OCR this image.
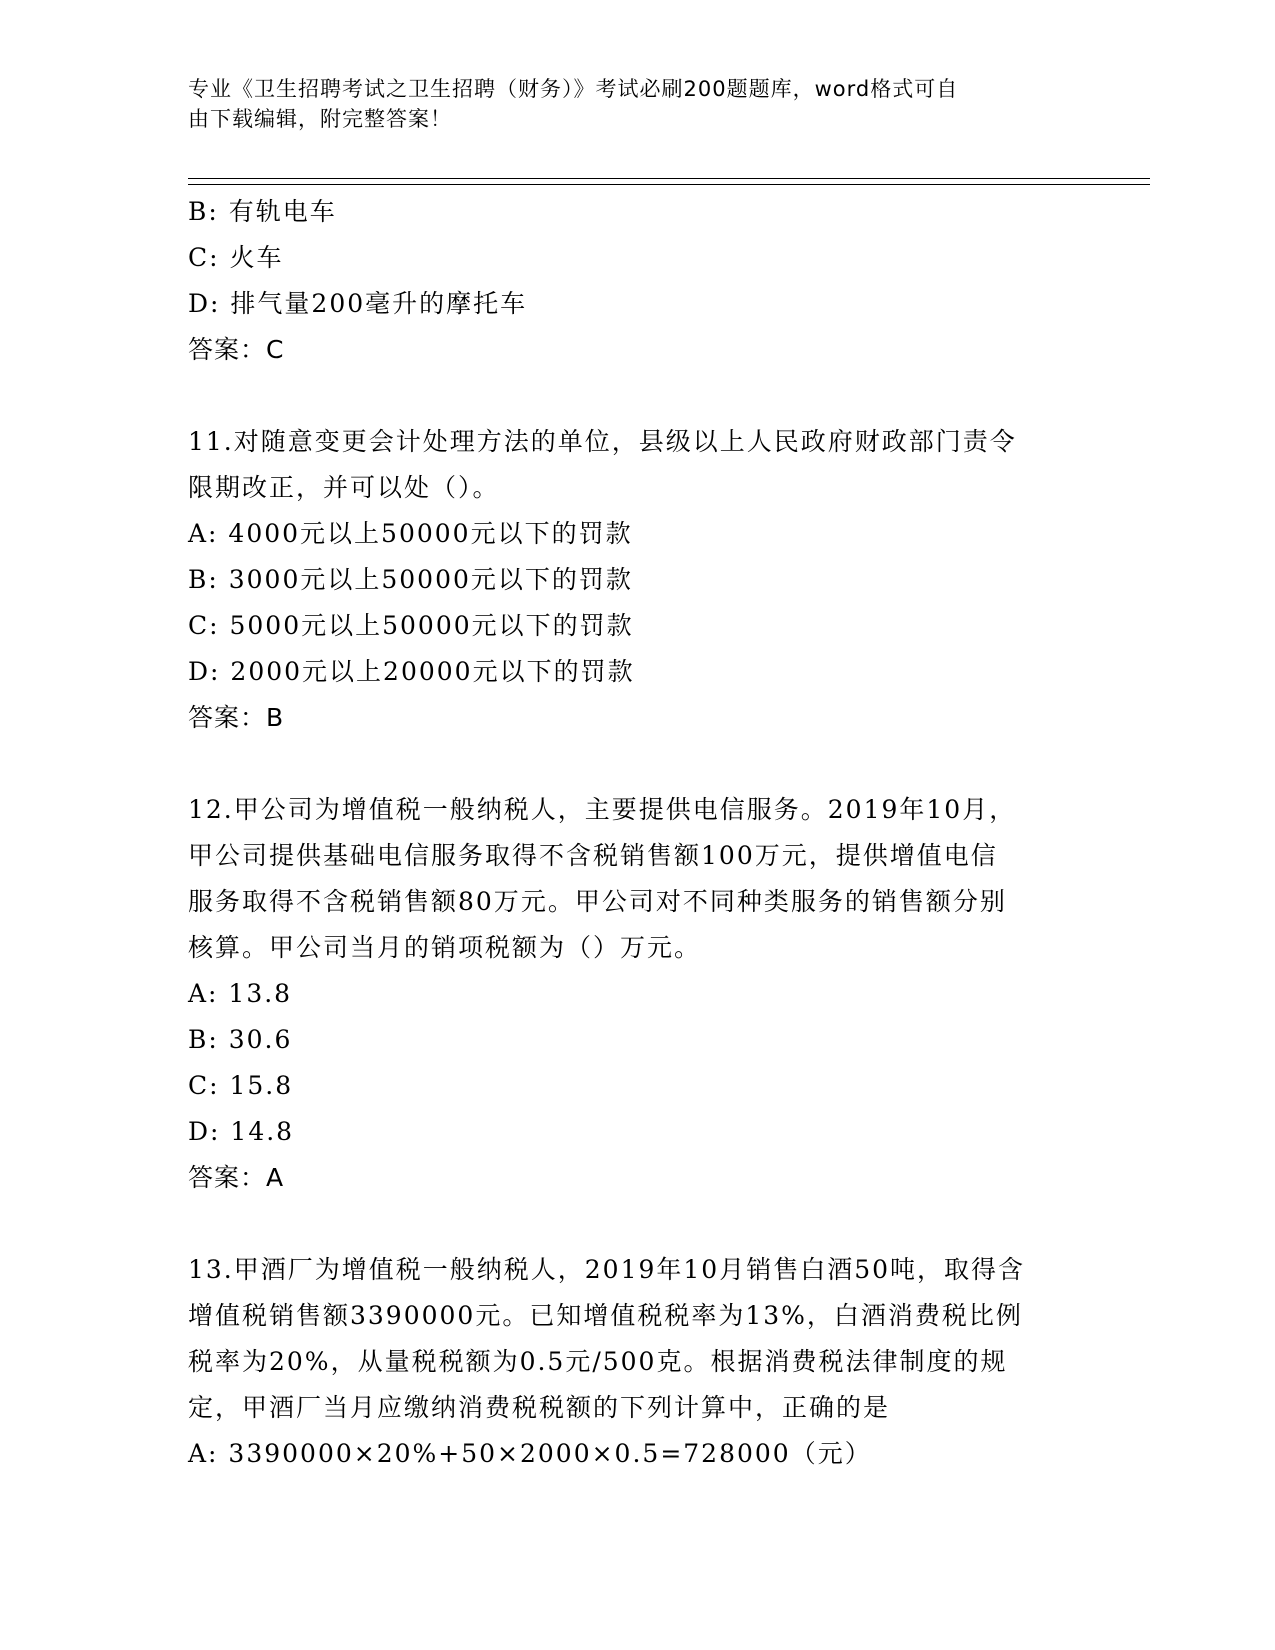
专业《卫生招聘考试之卫生招聘（财务）》考试必刷200题题库，word格式可自
由下载编辑，附完整答案！
B: 有轨电车
C: 火车
D: 排气量200毫升的摩托车
答案：C
11.对随意变更会计处理方法的单位，县级以上人民政府财政部门责令
限期改正，并可以处（）。
A: 4000元以上50000元以下的罚款
B: 3000元以上50000元以下的罚款
C: 5000元以上50000元以下的罚款
D: 2000元以上20000元以下的罚款
答案：B
12.甲公司为增值税一般纳税人，主要提供电信服务。2019年10月，
甲公司提供基础电信服务取得不含税销售额100万元，提供增值电信
服务取得不含税销售额80万元。甲公司对不同种类服务的销售额分别
核算。甲公司当月的销项税额为（）万元。
A: 13.8
B: 30.6
C: 15.8
D: 14.8
答案：A
13.甲酒厂为增值税一般纳税人，2019年10月销售白酒50吨，取得含
增值税销售额3390000元。已知增值税税率为13%，白酒消费税比例
税率为20%，从量税税额为0.5元/500克。根据消费税法律制度的规
定，甲酒厂当月应缴纳消费税税额的下列计算中，正确的是
A: 3390000×20%+50×2000×0.5=728000（元）
